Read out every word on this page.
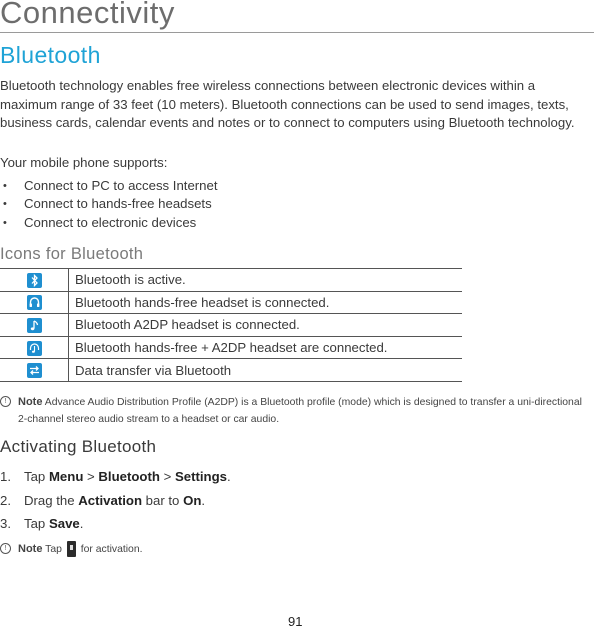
Connectivity
Bluetooth
Bluetooth technology enables free wireless connections between electronic devices within a maximum range of 33 feet (10 meters). Bluetooth connections can be used to send images, texts, business cards, calendar events and notes or to connect to computers using Bluetooth technology.
Your mobile phone supports:
• Connect to PC to access Internet
• Connect to hands-free headsets
• Connect to electronic devices
Icons for Bluetooth
	Bluetooth is active.

	Bluetooth hands-free headset is connected.

	Bluetooth A2DP headset is connected.

	Bluetooth hands-free + A2DP headset are connected.

	Data transfer via Bluetooth
!	Note Advance Audio Distribution Profile (A2DP) is a Bluetooth profile (mode) which is designed to transfer a uni-directional 2-channel stereo audio stream to a headset or car audio.
Activating Bluetooth
1. Tap Menu > Bluetooth > Settings.
2. Drag the Activation bar to On.
3. Tap Save.
!	Note Tap for activation.
91
